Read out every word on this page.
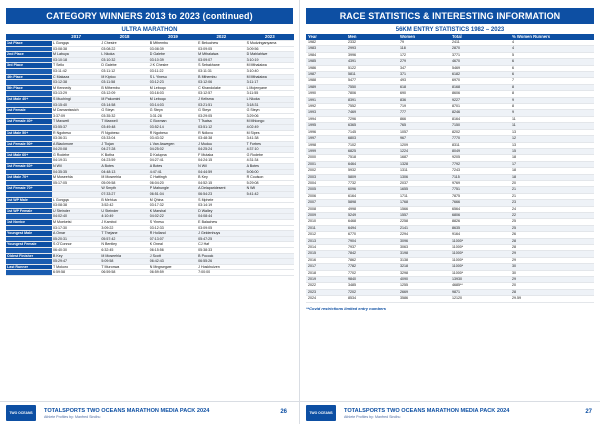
CATEGORY WINNERS 2013 to 2023 (continued)
ULTRA MARATHON
	2017	2018	2019	2022	2023
1st Place	L Gongqa	J Chesire	B Mthembu	E Bekuchew	S Mudzinganyama
	03:08:38	03:08:22	03:08:39	03:09:05	3:09:56
2nd Place	M Labuya	L Nkoka	D Galebe	M Mthalaiwa	D Mahlahlwe
	03:10:18	03:10:32	03:10:39	03:09:07	3:10:19
3rd Place	T Sello	D Galebe	J K Chesire	S Sebakhane	M Mthalaiwa
	03:11:42	03:11:12	03:11:22	03:11:31	3:10:40
4th Place	C Makaza	M Kiptoo	S L Yinesu	B Mthembu	M Mthalaiwa
	03:12:38	03:11:58	03:12:23	03:12:06	3:11:17
5th Place	M Kennedy	B Mthembu	M Leboqo	C Khandolake	L Mojenyane
	03:13:29	03:12:09	03:16:03	03:12:57	3:11:55
1st Male 40+	S Muchingi	M Pakomini	M Leboqo	J Kelisma	L Nkoka
	03:15:40	03:14:58	03:14:03	03:21:51	3:18:31
1st Female	M Damantswich	G Steyn	G Steyn	G Steyn	G Steyn
	3:37:09	03:35:32	3:31:28	03:29:05	3:29:06
1st Female 40+	T Maxwell	T Maxwell	C Boxman	T Tsatsa	M Mhlongo
	03:55:37	03:49:48	03:52:14	03:51:12	4:02:49
1st Male 50+	R Ngobeso	R Ngobeso	R Ngobeso	R Ndlovu	M Sipes
	03:36:31	03:33:04	03:43:32	03:48:38	3:41:38
1st Female 50+	A Blackmore	J Tlojan	L Van Aswegen	J Muduu	T Forbes
	04:20:08	04:27:28	04:25:02	04:25:24	4:37:10
1st Male 60+	G Rodebe	K Botha	D Kalupna	F Mutaka	G Rodebe
	04:19:31	04:23:59	04:27:41	04:24:15	4:31:34
1st Female 60+	N Wil	A Botes	A Botes	N Wil	A Botes
	04:35:35	04:48:13	4:47:41	04:44:59	5:06:00
1st Male 70+	M Moseehla	M Moseehla	C Hattingh	B Key	R Coulson
	05:17:05	05:09:58	06:04:20	04:52:15	5:29:08
1st Female 70+		W Smyth	P Mahungle	A Delaparidesent	N Wil
		07:33:27	06:51:04	06:54:23	5:41:42
1st WP Male	L Gongqa	B Mehlua	M Qhina	S Mphele	
	03:08:38	3:52:42	03:17:32	03:14:19	
1st WP Female	U Steinder	U Steinder	K Marshal	D Walley	
	04:02:40	4:10:49	04:02:22	04:08:44	
1st Novice	M Moeketsi	J Kambol	S Yinesu	E Balachew	
	03:17:30	3:09:22	03:12:33	03:09:05	
Youngest Male	A Omar	T Thejane	R Holland	J Geldenhuys	
	05:20:31	05:57:42	07:13:07	05:47:25	
Youngest Female	S O'Connor	N Bentley	K Oneal	CJ Haf	
	06:40:30	6:32:45	06:15:56	05:38:33	
Oldest Finisher	B Key	M Moseehla	J Scott	B Pocock	
	05:29:47	5:09:58	06:42:43	06:55:26	
Last Runner	T Mokoro	T Muronwa	N Mngwegwe	J Hoskhuizen	
	6:59:58	06:59:58	06:59:59	7:00:00	
TWO OCEANS	TOTALSPORTS TWO OCEANS MARATHON MEDIA PACK 2024
Athlete Profiles by: Manfred Sindhu
26
RACE STATISTICS & INTERESTING INFORMATION
56KM ENTRY STATISTICS 1982 – 2023
Year	Men	Women	Total	% Women Runners
1982	2332	79	2411	4
1983	2993	118	2870	4
1984	3996	172	3771	5
1985	4391	279	4670	6
1986	5122	347	5469	6
1987	5811	371	6182	6
1988	5477	493	6970	7
1989	7550	618	8168	8
1990	7806	690	8606	8
1991	8391	836	9227	9
1992	7552	719	8701	8
1993	7469	777	8246	9
1994	7296	866	8164	11
1995	6365	765	7150	11
1996	7145	1057	8202	13
1997	6803	967	7770	12
1998	7102	1209	8311	13
1999	6825	1224	8049	15
2000	7518	1687	9205	18
2001	6464	1328	7792	17
2002	5932	1311	7243	18
2003	5809	1306	7115	18
2004	7732	2037	9769	20
2005	6096	1655	7751	21
2006	6164	1711	7875	21
2007	5898	1768	7666	23
2008	4998	1566	6564	24
2009	5249	1557	6806	22
2010	6468	2258	8826	25
2011	6494	2141	8635	25
2012	6770	2294	9164	26
2013	7904	3096	11000*	28
2014	7937	3063	11000*	28
2015	7842	3198	11000*	29
2016	7862	3138	11000*	29
2017	7782	3218	11000*	30
2018	7702	3298	11000*	30
2019	9840	4090	13930	29
2022	3485	1255	4685**	20
2023	7202	2669	9871	28
2024	8534	3586	12120	29.59
**Covid restrictions limited entry numbers
TWO OCEANS	TOTALSPORTS TWO OCEANS MARATHON MEDIA PACK 2024
Athlete Profiles by: Manfred Sindhu
27
